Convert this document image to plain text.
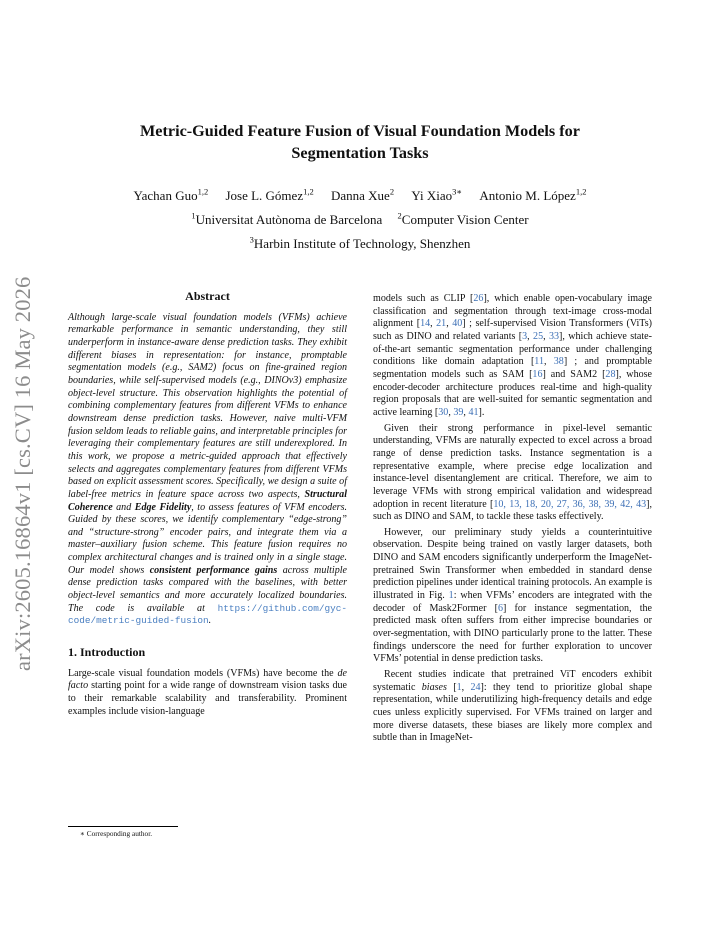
arXiv:2605.16864v1 [cs.CV] 16 May 2026

Metric-Guided Feature Fusion of Visual Foundation Models for
Segmentation Tasks

Yachan Guo$^{1,2}$ Jose L. Gómez$^{1,2}$ Danna Xue$^2$ Yi Xiao$^{3∗}$ Antonio M. López$^{1,2}$
$^1$Universitat Autònoma de Barcelona $^2$Computer Vision Center
$^3$Harbin Institute of Technology, Shenzhen

Abstract

Although large-scale visual foundation models (VFMs) achieve remarkable performance in semantic understanding, they still underperform in instance-aware dense prediction tasks. They exhibit different biases in representation: for instance, promptable segmentation models (e.g., SAM2) focus on fine-grained region boundaries, while self-supervised models (e.g., DINOv3) emphasize object-level structure. This observation highlights the potential of combining complementary features from different VFMs to enhance downstream dense prediction tasks. However, naive multi-VFM fusion seldom leads to reliable gains, and interpretable principles for leveraging their complementary features are still underexplored. In this work, we propose a metric-guided approach that effectively selects and aggregates complementary features from different VFMs based on explicit assessment scores. Specifically, we design a suite of label-free metrics in feature space across two aspects, Structural Coherence and Edge Fidelity, to assess features of VFM encoders. Guided by these scores, we identify complementary “edge-strong” and “structure-strong” encoder pairs, and integrate them via a master–auxiliary fusion scheme. This feature fusion requires no complex architectural changes and is trained only in a single stage. Our model shows consistent performance gains across multiple dense prediction tasks compared with the baselines, with better object-level semantics and more accurately localized boundaries. The code is available at https://github.com/gyc-code/metric-guided-fusion.

1. Introduction

Large-scale visual foundation models (VFMs) have become the de facto starting point for a wide range of downstream vision tasks due to their remarkable scalability and transferability. Prominent examples include vision-language

models such as CLIP [26], which enable open-vocabulary image classification and segmentation through text-image cross-modal alignment [14, 21, 40] ; self-supervised Vision Transformers (ViTs) such as DINO and related variants [3, 25, 33], which achieve state-of-the-art semantic segmentation performance under challenging conditions like domain adaptation [11, 38] ; and promptable segmentation models such as SAM [16] and SAM2 [28], whose encoder-decoder architecture produces real-time and high-quality region proposals that are well-suited for semantic segmentation and active learning [30, 39, 41].

Given their strong performance in pixel-level semantic understanding, VFMs are naturally expected to excel across a broad range of dense prediction tasks. Instance segmentation is a representative example, where precise edge localization and instance-level disentanglement are critical. Therefore, we aim to leverage VFMs with strong empirical validation and widespread adoption in recent literature [10, 13, 18, 20, 27, 36, 38, 39, 42, 43], such as DINO and SAM, to tackle these tasks effectively.

However, our preliminary study yields a counterintuitive observation. Despite being trained on vastly larger datasets, both DINO and SAM encoders significantly underperform the ImageNet-pretrained Swin Transformer when embedded in standard dense prediction pipelines under identical training protocols. An example is illustrated in Fig. 1: when VFMs’ encoders are integrated with the decoder of Mask2Former [6] for instance segmentation, the predicted mask often suffers from either imprecise boundaries or over-segmentation, with DINO particularly prone to the latter. These findings underscore the need for further exploration to uncover VFMs’ potential in dense prediction tasks.

Recent studies indicate that pretrained ViT encoders exhibit systematic biases [1, 24]: they tend to prioritize global shape representation, while underutilizing high-frequency details and edge cues unless explicitly supervised. For VFMs trained on larger and more diverse datasets, these biases are likely more complex and subtle than in ImageNet-

∗ Corresponding author.
